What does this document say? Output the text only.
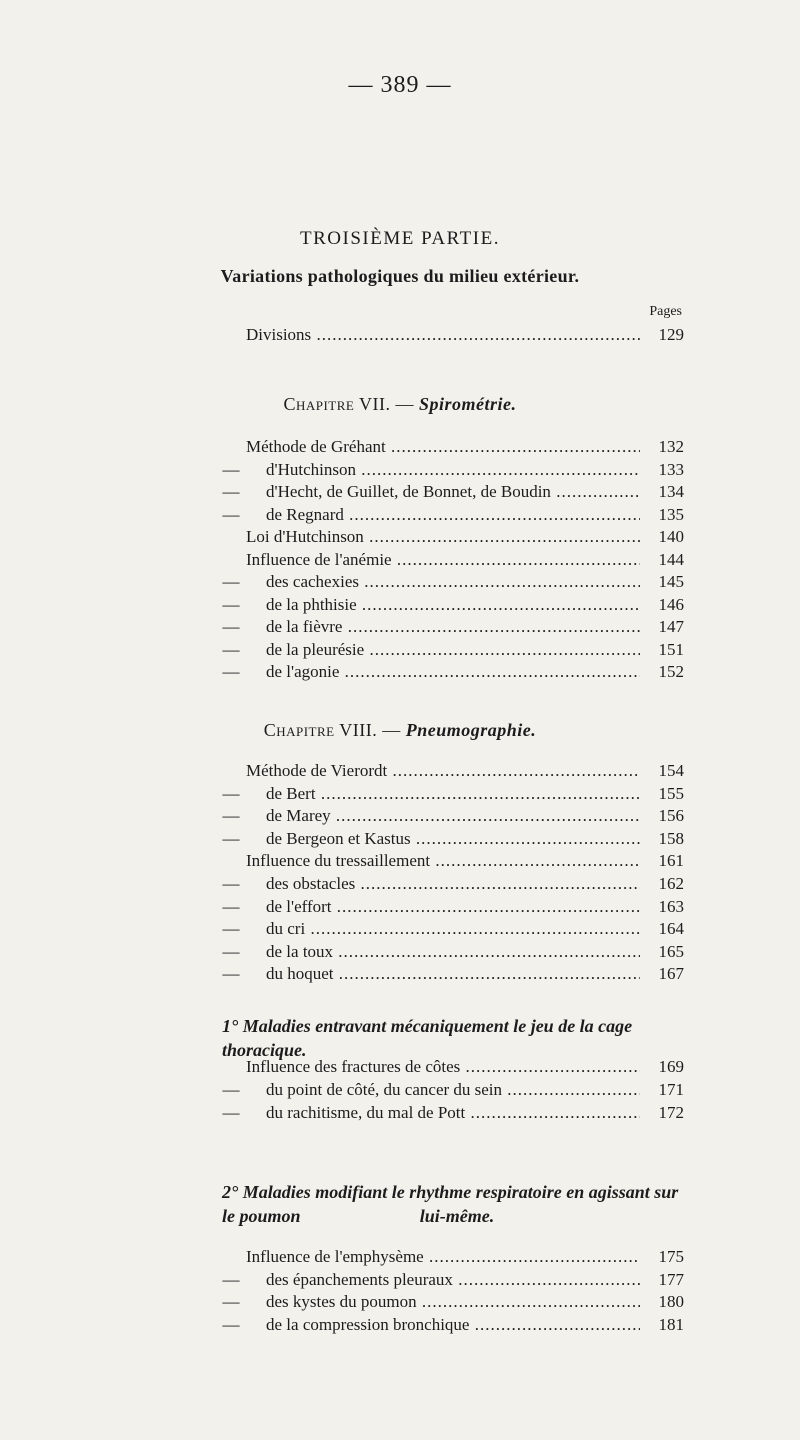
— 389 —
TROISIÈME PARTIE.
Variations pathologiques du milieu extérieur.
Pages
Chapitre VII. — Spirométrie.
Chapitre VIII. — Pneumographie.
1° Maladies entravant mécaniquement le jeu de la cage thoracique.
2° Maladies modifiant le rhythme respiratoire en agissant sur le poumon	lui-même.
Divisions .....	129
Méthode de Gréhant .....	132
— d'Hutchinson .....	133
— d'Hecht, de Guillet, de Bonnet, de Boudin .....	134
— de Regnard .....	135
Loi d'Hutchinson .....	140
Influence de l'anémie .....	144
— des cachexies .....	145
— de la phthisie .....	146
— de la fièvre .....	147
— de la pleurésie .....	151
— de l'agonie .....	152
Méthode de Vierordt .....	154
— de Bert .....	155
— de Marey .....	156
— de Bergeon et Kastus .....	158
Influence du tressaillement .....	161
— des obstacles .....	162
— de l'effort .....	163
— du cri .....	164
— de la toux .....	165
— du hoquet .....	167
Influence des fractures de côtes .....	169
— du point de côté, du cancer du sein .....	171
— du rachitisme, du mal de Pott .....	172
Influence de l'emphysème .....	175
— des épanchements pleuraux .....	177
— des kystes du poumon .....	180
— de la compression bronchique .....	181
